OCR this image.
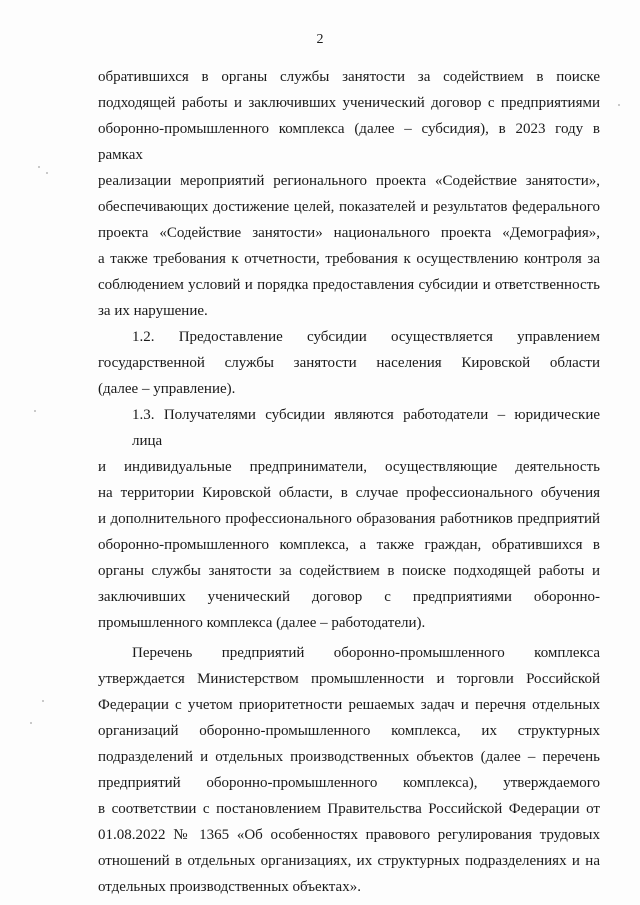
2

обратившихся в органы службы занятости за содействием в поиске

подходящей работы и заключивших ученический договор с предприятиями

оборонно-промышленного комплекса (далее – субсидия), в 2023 году в рамках

реализации мероприятий регионального проекта «Содействие занятости»,

обеспечивающих достижение целей, показателей и результатов федерального

проекта «Содействие занятости» национального проекта «Демография»,

а также требования к отчетности, требования к осуществлению контроля за

соблюдением условий и порядка предоставления субсидии и ответственность

за их нарушение.

1.2. Предоставление субсидии осуществляется управлением

государственной службы занятости населения Кировской области

(далее – управление).

1.3. Получателями субсидии являются работодатели – юридические лица

и индивидуальные предприниматели, осуществляющие деятельность

на территории Кировской области, в случае профессионального обучения

и дополнительного профессионального образования работников предприятий

оборонно-промышленного комплекса, а также граждан, обратившихся в

органы службы занятости за содействием в поиске подходящей работы и

заключивших ученический договор с предприятиями оборонно-

промышленного комплекса (далее – работодатели).

Перечень предприятий оборонно-промышленного комплекса

утверждается Министерством промышленности и торговли Российской

Федерации с учетом приоритетности решаемых задач и перечня отдельных

организаций оборонно-промышленного комплекса, их структурных

подразделений и отдельных производственных объектов (далее – перечень

предприятий оборонно-промышленного комплекса), утверждаемого

в соответствии с постановлением Правительства Российской Федерации от

01.08.2022 № 1365 «Об особенностях правового регулирования трудовых

отношений в отдельных организациях, их структурных подразделениях и на

отдельных производственных объектах».
